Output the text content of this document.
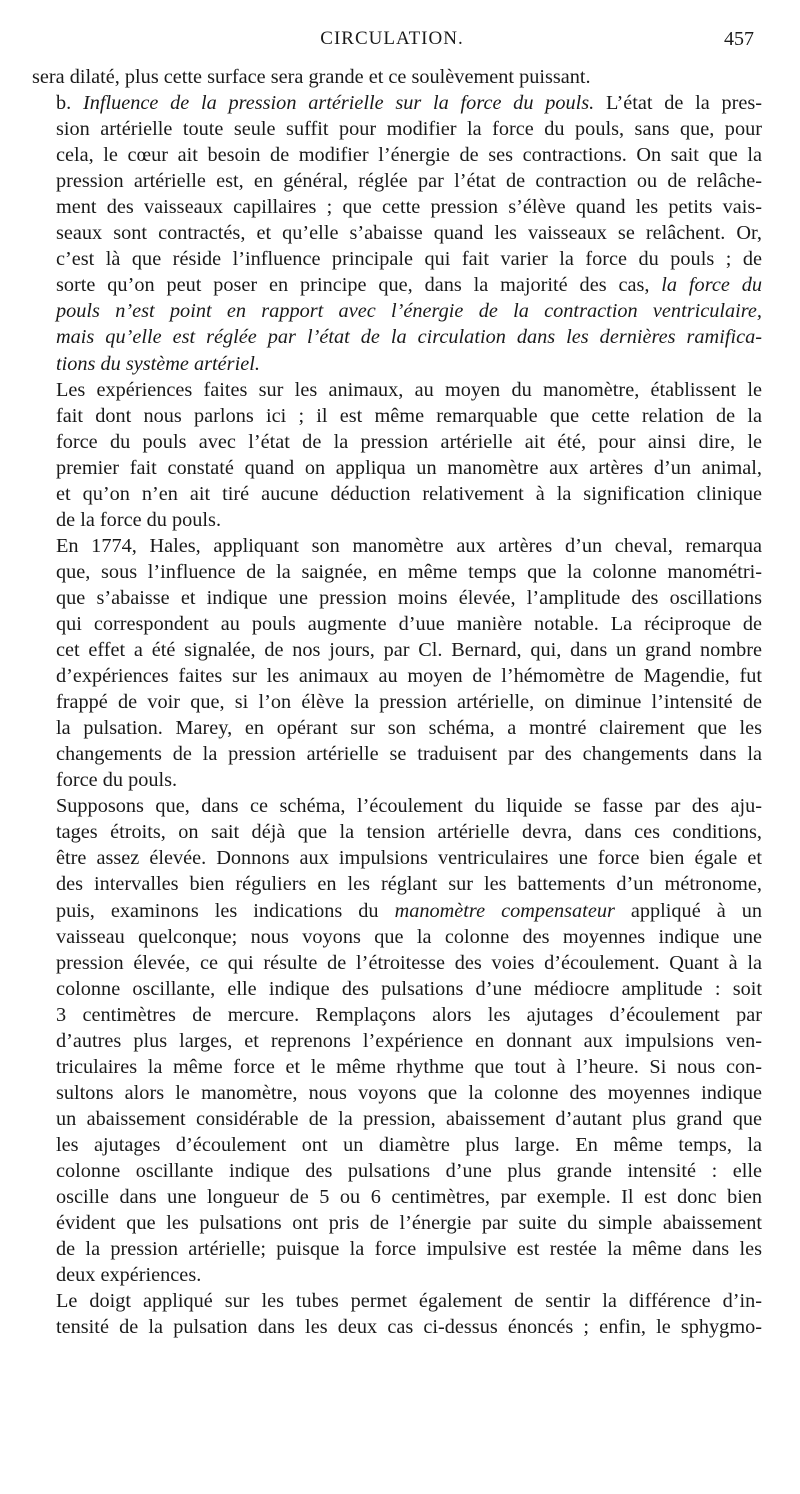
CIRCULATION.	457

sera dilaté, plus cette surface sera grande et ce soulèvement puissant.

b. Influence de la pression artérielle sur la force du pouls. L’état de la pres-
sion artérielle toute seule suffit pour modifier la force du pouls, sans que, pour
cela, le cœur ait besoin de modifier l’énergie de ses contractions. On sait que la
pression artérielle est, en général, réglée par l’état de contraction ou de relâche-
ment des vaisseaux capillaires ; que cette pression s’élève quand les petits vais-
seaux sont contractés, et qu’elle s’abaisse quand les vaisseaux se relâchent. Or,
c’est là que réside l’influence principale qui fait varier la force du pouls ; de
sorte qu’on peut poser en principe que, dans la majorité des cas, la force du
pouls n’est point en rapport avec l’énergie de la contraction ventriculaire,
mais qu’elle est réglée par l’état de la circulation dans les dernières ramifica-
tions du système artériel.

Les expériences faites sur les animaux, au moyen du manomètre, établissent le
fait dont nous parlons ici ; il est même remarquable que cette relation de la
force du pouls avec l’état de la pression artérielle ait été, pour ainsi dire, le
premier fait constaté quand on appliqua un manomètre aux artères d’un animal,
et qu’on n’en ait tiré aucune déduction relativement à la signification clinique
de la force du pouls.

En 1774, Hales, appliquant son manomètre aux artères d’un cheval, remarqua
que, sous l’influence de la saignée, en même temps que la colonne manométri-
que s’abaisse et indique une pression moins élevée, l’amplitude des oscillations
qui correspondent au pouls augmente d’uue manière notable. La réciproque de
cet effet a été signalée, de nos jours, par Cl. Bernard, qui, dans un grand nombre
d’expériences faites sur les animaux au moyen de l’hémomètre de Magendie, fut
frappé de voir que, si l’on élève la pression artérielle, on diminue l’intensité de
la pulsation. Marey, en opérant sur son schéma, a montré clairement que les
changements de la pression artérielle se traduisent par des changements dans la
force du pouls.

Supposons que, dans ce schéma, l’écoulement du liquide se fasse par des aju-
tages étroits, on sait déjà que la tension artérielle devra, dans ces conditions,
être assez élevée. Donnons aux impulsions ventriculaires une force bien égale et
des intervalles bien réguliers en les réglant sur les battements d’un métronome,
puis, examinons les indications du manomètre compensateur appliqué à un
vaisseau quelconque; nous voyons que la colonne des moyennes indique une
pression élevée, ce qui résulte de l’étroitesse des voies d’écoulement. Quant à la
colonne oscillante, elle indique des pulsations d’une médiocre amplitude : soit
3 centimètres de mercure. Remplaçons alors les ajutages d’écoulement par
d’autres plus larges, et reprenons l’expérience en donnant aux impulsions ven-
triculaires la même force et le même rhythme que tout à l’heure. Si nous con-
sultons alors le manomètre, nous voyons que la colonne des moyennes indique
un abaissement considérable de la pression, abaissement d’autant plus grand que
les ajutages d’écoulement ont un diamètre plus large. En même temps, la
colonne oscillante indique des pulsations d’une plus grande intensité : elle
oscille dans une longueur de 5 ou 6 centimètres, par exemple. Il est donc bien
évident que les pulsations ont pris de l’énergie par suite du simple abaissement
de la pression artérielle; puisque la force impulsive est restée la même dans les
deux expériences.

Le doigt appliqué sur les tubes permet également de sentir la différence d’in-
tensité de la pulsation dans les deux cas ci-dessus énoncés ; enfin, le sphygmo-
